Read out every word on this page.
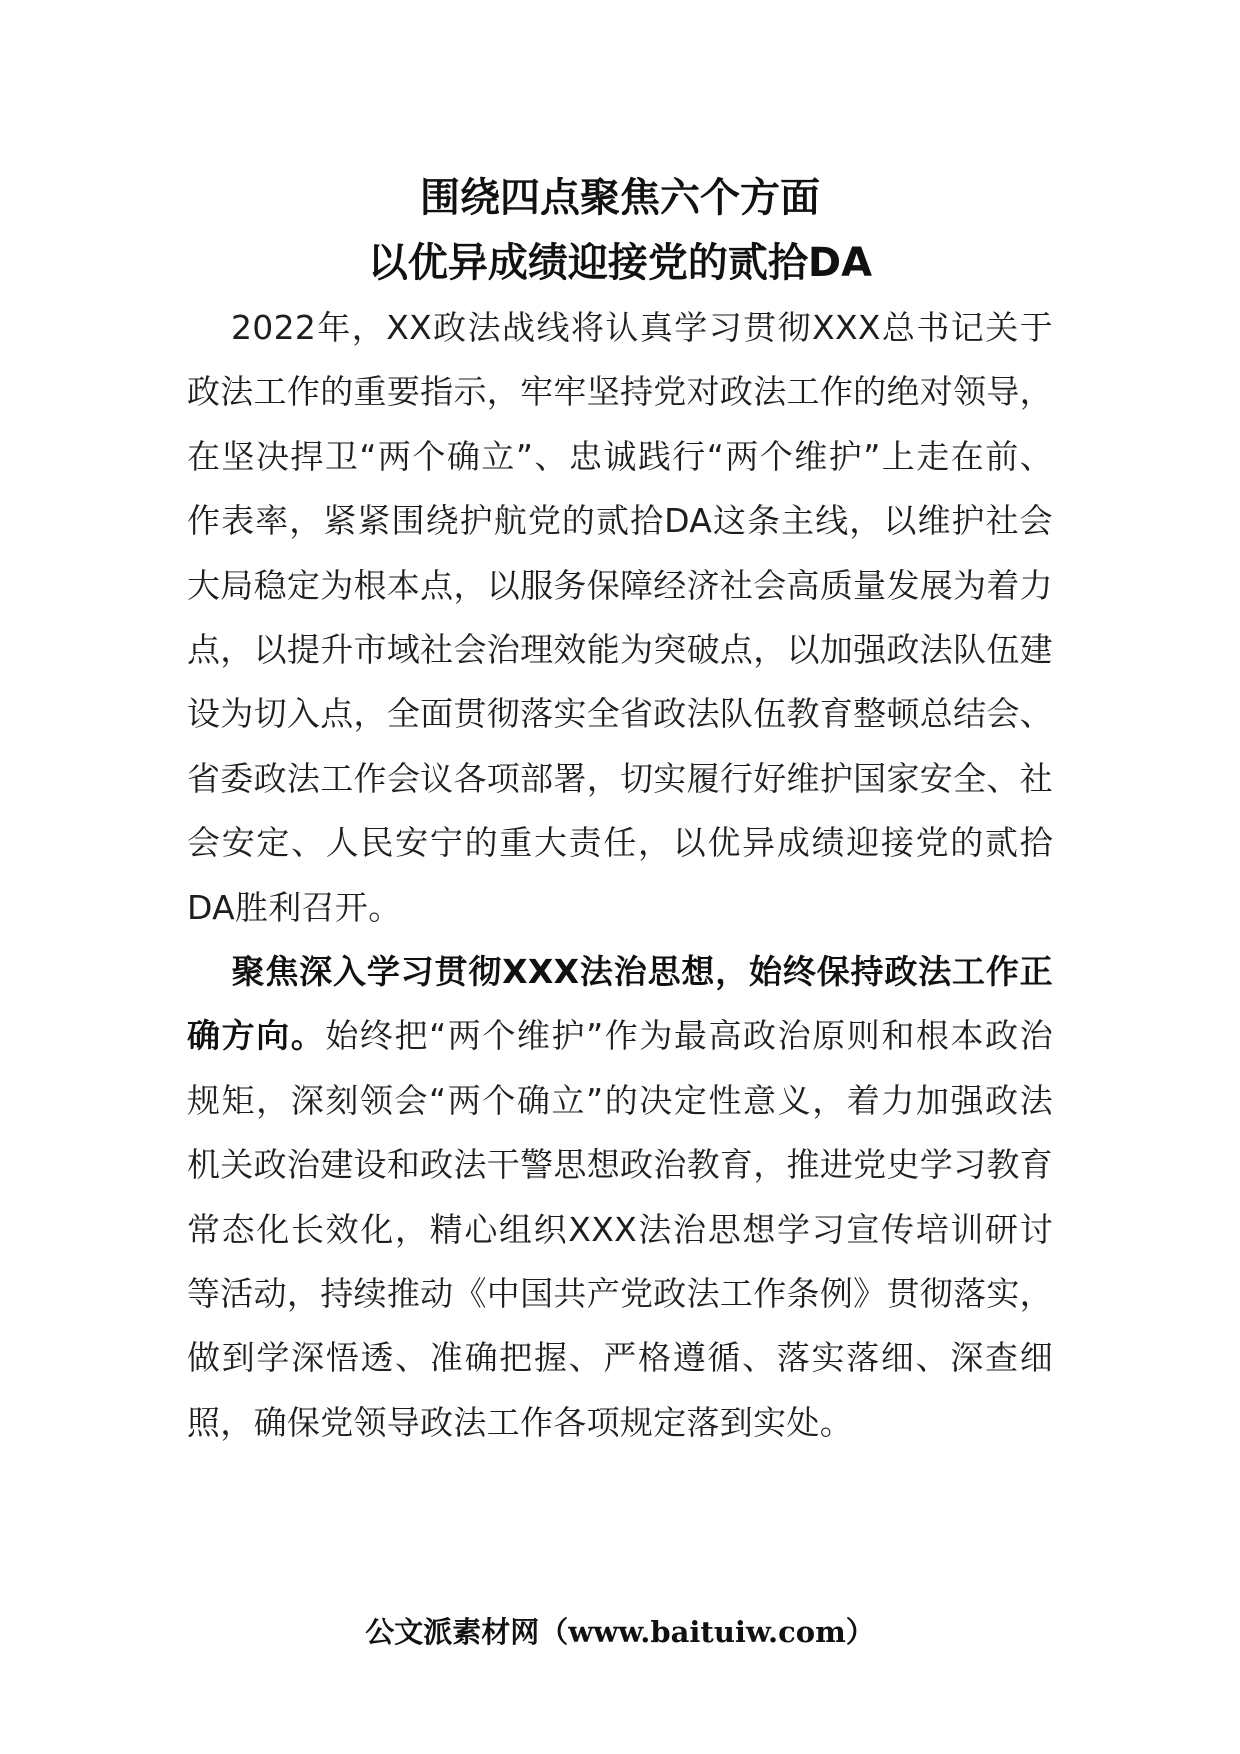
围绕四点聚焦六个方面
以优异成绩迎接党的贰拾DA
2022年，XX政法战线将认真学习贯彻XXX总书记关于政法工作的重要指示，牢牢坚持党对政法工作的绝对领导，在坚决捍卫“两个确立”、忠诚践行“两个维护”上走在前、作表率，紧紧围绕护航党的贰拾DA这条主线，以维护社会大局稳定为根本点，以服务保障经济社会高质量发展为着力点，以提升市域社会治理效能为突破点，以加强政法队伍建设为切入点，全面贯彻落实全省政法队伍教育整顿总结会、省委政法工作会议各项部署，切实履行好维护国家安全、社会安定、人民安宁的重大责任，以优异成绩迎接党的贰拾DA胜利召开。
聚焦深入学习贯彻XXX法治思想，始终保持政法工作正确方向。始终把“两个维护”作为最高政治原则和根本政治规矩，深刻领会“两个确立”的决定性意义，着力加强政法机关政治建设和政法干警思想政治教育，推进党史学习教育常态化长效化，精心组织XXX法治思想学习宣传培训研讨等活动，持续推动《中国共产党政法工作条例》贯彻落实，做到学深悟透、准确把握、严格遵循、落实落细、深查细照，确保党领导政法工作各项规定落到实处。
公文派素材网（www.baituiw.com）
